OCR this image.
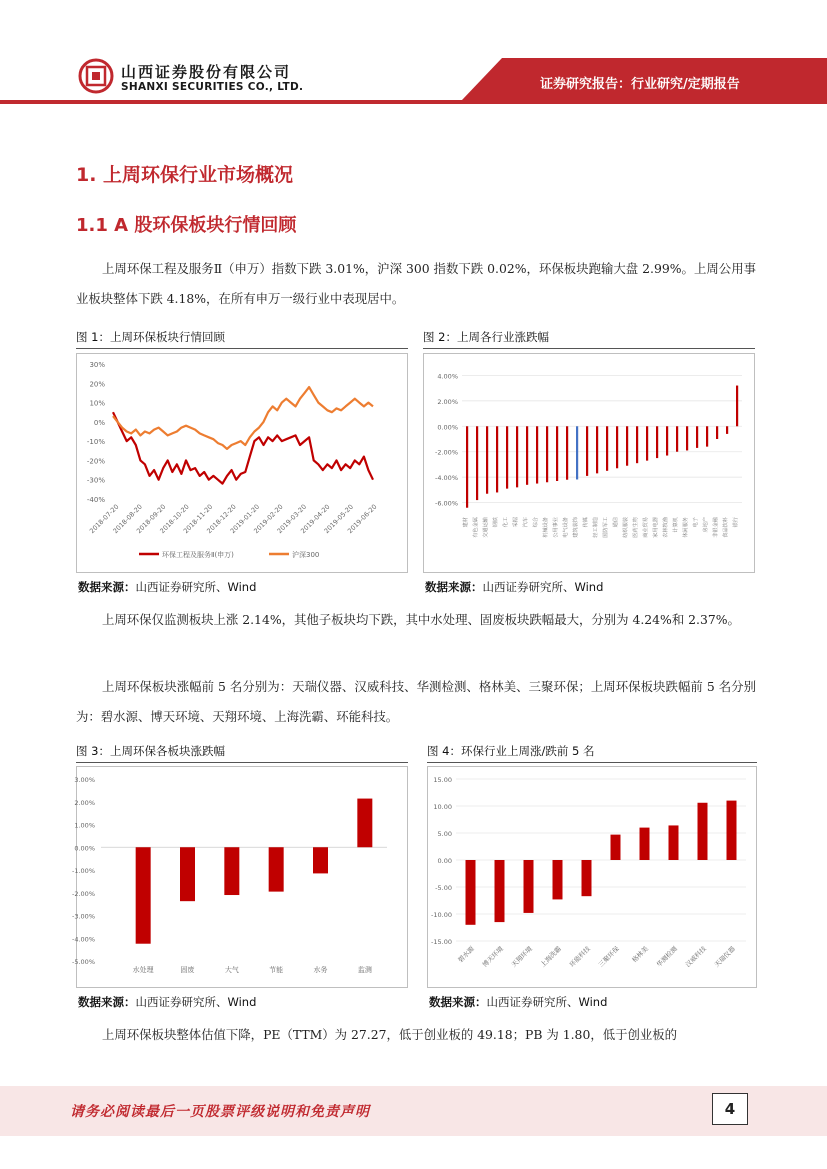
山西证券股份有限公司
SHANXI SECURITIES CO., LTD.	证券研究报告：行业研究/定期报告
1. 上周环保行业市场概况
1.1 A 股环保板块行情回顾
上周环保工程及服务Ⅱ（申万）指数下跌 3.01%，沪深 300 指数下跌 0.02%，环保板块跑输大盘 2.99%。上周公用事业板块整体下跌 4.18%，在所有申万一级行业中表现居中。
图 1：上周环保板块行情回顾
30%
20%
10%
0%
-10%
-20%
-30%
-40%
2018-07-20
2018-08-20
2018-09-20
2018-10-20
2018-11-20
2018-12-20
2019-01-20
2019-02-20
2019-03-20
2019-04-20
2019-05-20
2019-06-20
环保工程及服务Ⅱ(申万)	沪深300
数据来源：山西证券研究所、Wind
图 2：上周各行业涨跌幅
4.00%
2.00%
0.00%
-2.00%
-4.00%
-6.00%
建材 有色金属 交通运输 钢铁 化工 采掘 汽车 综合 机械设备 公用事业 电气设备 建筑装饰 传媒 轻工制造 国防军工 通信 纺织服装 医药生物 商业贸易 家用电器 农林牧渔 计算机 休闲服务 电子 房地产 非银金融 食品饮料 银行
数据来源：山西证券研究所、Wind
上周环保仅监测板块上涨 2.14%，其他子板块均下跌，其中水处理、固废板块跌幅最大，分别为 4.24%和 2.37%。
上周环保板块涨幅前 5 名分别为：天瑞仪器、汉威科技、华测检测、格林美、三聚环保；上周环保板块跌幅前 5 名分别为：碧水源、博天环境、天翔环境、上海洗霸、环能科技。
图 3：上周环保各板块涨跌幅
3.00%
2.00%
1.00%
0.00%
-1.00%
-2.00%
-3.00%
-4.00%
-5.00%
水处理	固废	大气	节能	水务	监测
数据来源：山西证券研究所、Wind
图 4：环保行业上周涨/跌前 5 名
15.00
10.00
5.00
0.00
-5.00
-10.00
-15.00
碧水源 博天环境 天翔环境 上海洗霸 环能科技 三聚环保 格林美 华测检测 汉威科技 天瑞仪器
数据来源：山西证券研究所、Wind
上周环保板块整体估值下降，PE（TTM）为 27.27，低于创业板的 49.18；PB 为 1.80，低于创业板的
请务必阅读最后一页股票评级说明和免责声明	4
